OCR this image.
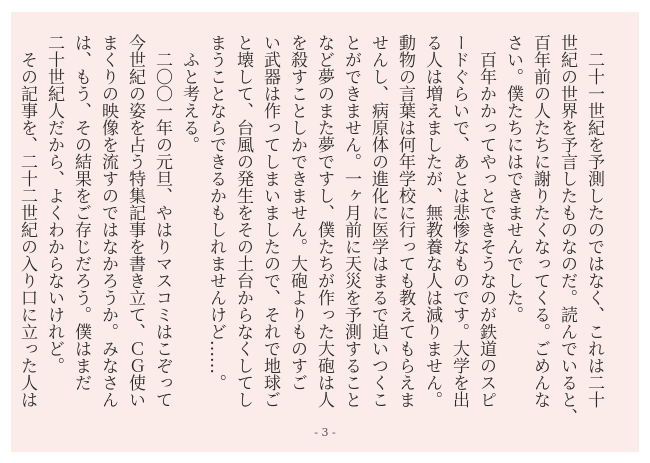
　二十一世紀を予測したのではなく、これは二十
世紀の世界を予言したものなのだ。読んでいると、
百年前の人たちに謝りたくなってくる。ごめんな
さい。僕たちにはできませんでした。
　百年かかってやっとできそうなのが鉄道のスピ
ードぐらいで、あとは悲惨なものです。大学を出
る人は増えましたが、無教養な人は減りません。
動物の言葉は何年学校に行っても教えてもらえま
せんし、病原体の進化に医学はまるで追いつくこ
とができません。一ヶ月前に天災を予測すること
など夢のまた夢ですし、僕たちが作った大砲は人
を殺すことしかできません。大砲よりものすご
い武器は作ってしまいましたので、それで地球ご
と壊して、台風の発生をその土台からなくしてし
まうことならできるかもしれませんけど……。
　ふと考える。
　二〇〇一年の元旦、やはりマスコミはこぞって
今世紀の姿を占う特集記事を書き立て、ＣＧ使い
まくりの映像を流すのではなかろうか。みなさん
は、もう、その結果をご存じだろう。僕はまだ
二十世紀人だから、よくわからないけれど。
　その記事を、二十二世紀の入り口に立った人は
- 3 -
